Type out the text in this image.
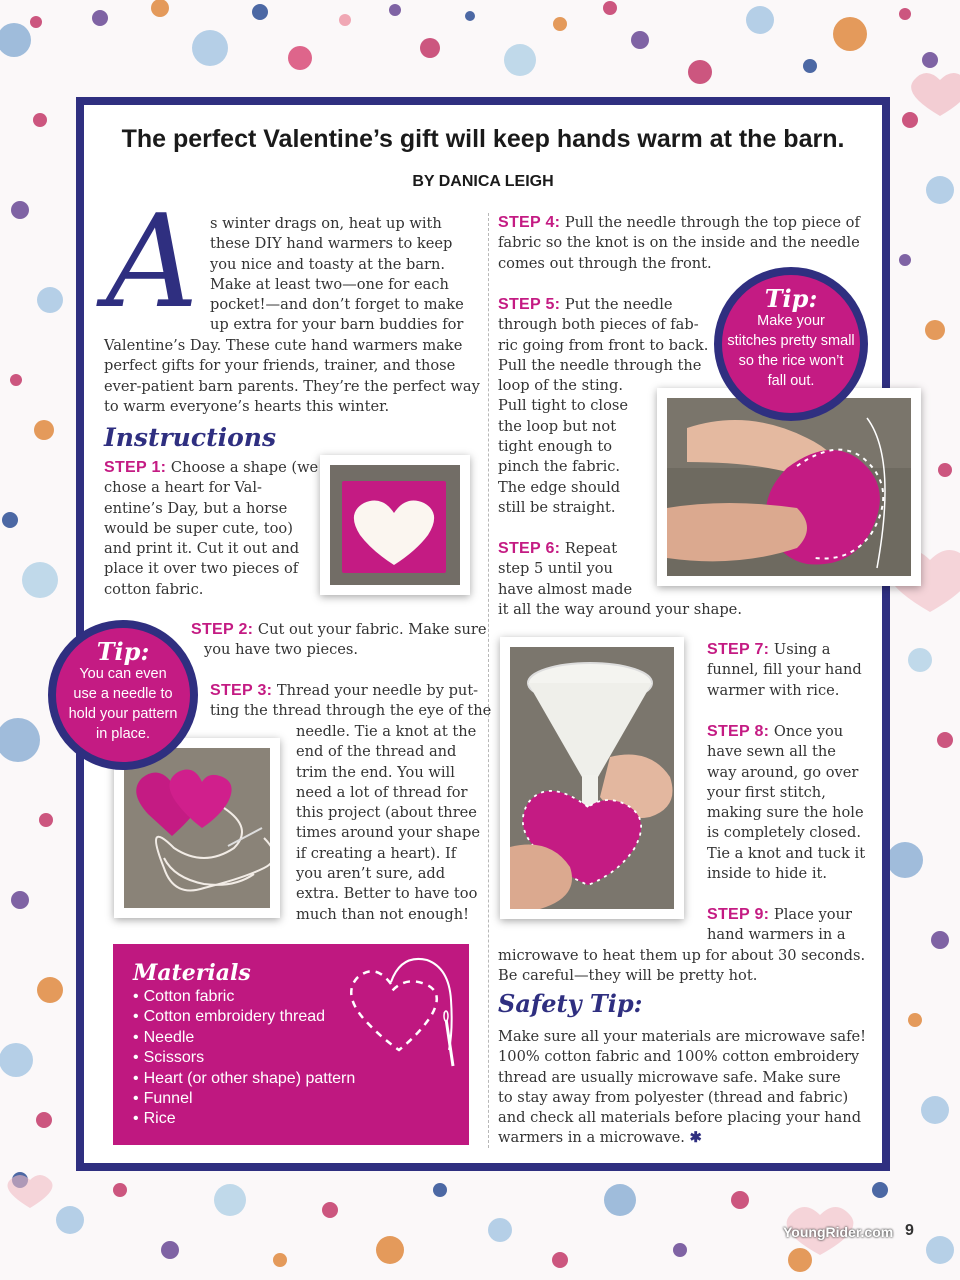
The perfect Valentine’s gift will keep hands warm at the barn.
BY DANICA LEIGH
A s winter drags on, heat up with
these DIY hand warmers to keep
you nice and toasty at the barn.
Make at least two—one for each
pocket!—and don’t forget to make
up extra for your barn buddies for
Valentine’s Day. These cute hand warmers make
perfect gifts for your friends, trainer, and those
ever-patient barn parents. They’re the perfect way
to warm everyone’s hearts this winter.
Instructions
STEP 1: Choose a shape (we
chose a heart for Val-
entine’s Day, but a horse
would be super cute, too)
and print it. Cut it out and
place it over two pieces of
cotton fabric.
STEP 2: Cut out your fabric. Make sure
you have two pieces.
STEP 3: Thread your needle by put-
ting the thread through the eye of the
needle. Tie a knot at the
end of the thread and
trim the end. You will
need a lot of thread for
this project (about three
times around your shape
if creating a heart). If
you aren’t sure, add
extra. Better to have too
much than not enough!
Tip:
You can even
use a needle to
hold your pattern
in place.
Materials
• Cotton fabric
• Cotton embroidery thread
• Needle
• Scissors
• Heart (or other shape) pattern
• Funnel
• Rice
STEP 4: Pull the needle through the top piece of
fabric so the knot is on the inside and the needle
comes out through the front.
STEP 5: Put the needle
through both pieces of fab-
ric going from front to back.
Pull the needle through the
loop of the sting.
Pull tight to close
the loop but not
tight enough to
pinch the fabric.
The edge should
still be straight.
Tip:
Make your
stitches pretty small
so the rice won’t
fall out.
STEP 6: Repeat
step 5 until you
have almost made
it all the way around your shape.
STEP 7: Using a
funnel, fill your hand
warmer with rice.
STEP 8: Once you
have sewn all the
way around, go over
your first stitch,
making sure the hole
is completely closed.
Tie a knot and tuck it
inside to hide it.
STEP 9: Place your
hand warmers in a
microwave to heat them up for about 30 seconds.
Be careful—they will be pretty hot.
Safety Tip:
Make sure all your materials are microwave safe!
100% cotton fabric and 100% cotton embroidery
thread are usually microwave safe. Make sure
to stay away from polyester (thread and fabric)
and check all materials before placing your hand
warmers in a microwave. ✱
YoungRider.com 9
